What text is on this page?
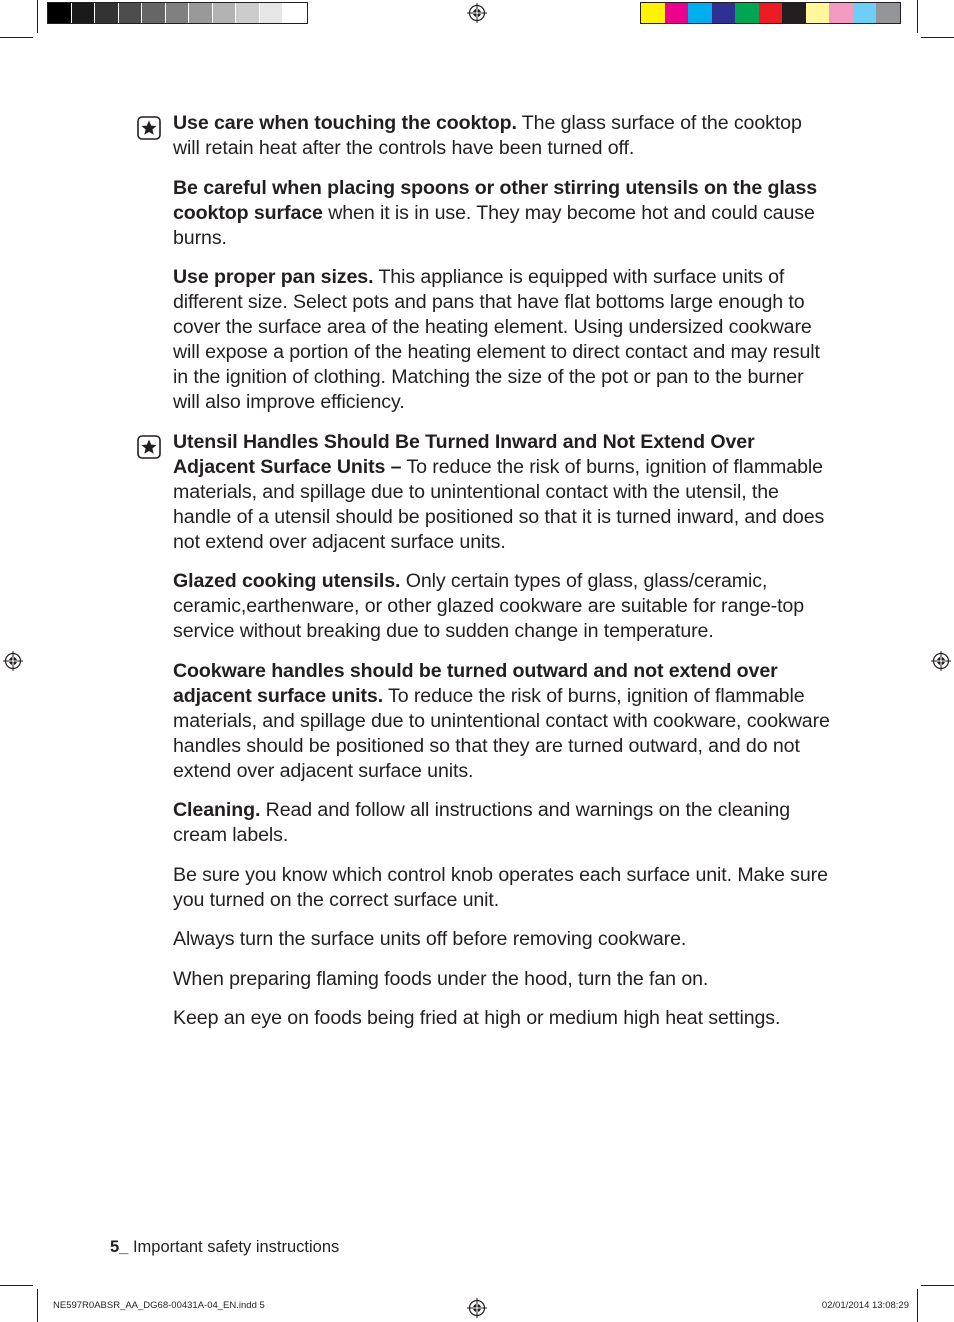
Use care when touching the cooktop. The glass surface of the cooktop will retain heat after the controls have been turned off.

Be careful when placing spoons or other stirring utensils on the glass cooktop surface when it is in use. They may become hot and could cause burns.

Use proper pan sizes. This appliance is equipped with surface units of different size. Select pots and pans that have flat bottoms large enough to cover the surface area of the heating element. Using undersized cookware will expose a portion of the heating element to direct contact and may result in the ignition of clothing. Matching the size of the pot or pan to the burner will also improve efficiency.

Utensil Handles Should Be Turned Inward and Not Extend Over Adjacent Surface Units – To reduce the risk of burns, ignition of flammable materials, and spillage due to unintentional contact with the utensil, the handle of a utensil should be positioned so that it is turned inward, and does not extend over adjacent surface units.

Glazed cooking utensils. Only certain types of glass, glass/ceramic, ceramic,earthenware, or other glazed cookware are suitable for range-top service without breaking due to sudden change in temperature.

Cookware handles should be turned outward and not extend over adjacent surface units. To reduce the risk of burns, ignition of flammable materials, and spillage due to unintentional contact with cookware, cookware handles should be positioned so that they are turned outward, and do not extend over adjacent surface units.

Cleaning. Read and follow all instructions and warnings on the cleaning cream labels.

Be sure you know which control knob operates each surface unit. Make sure you turned on the correct surface unit.

Always turn the surface units off before removing cookware.

When preparing flaming foods under the hood, turn the fan on.

Keep an eye on foods being fried at high or medium high heat settings.

5_ Important safety instructions
NE597R0ABSR_AA_DG68-00431A-04_EN.indd 5	02/01/2014 13:08:29
